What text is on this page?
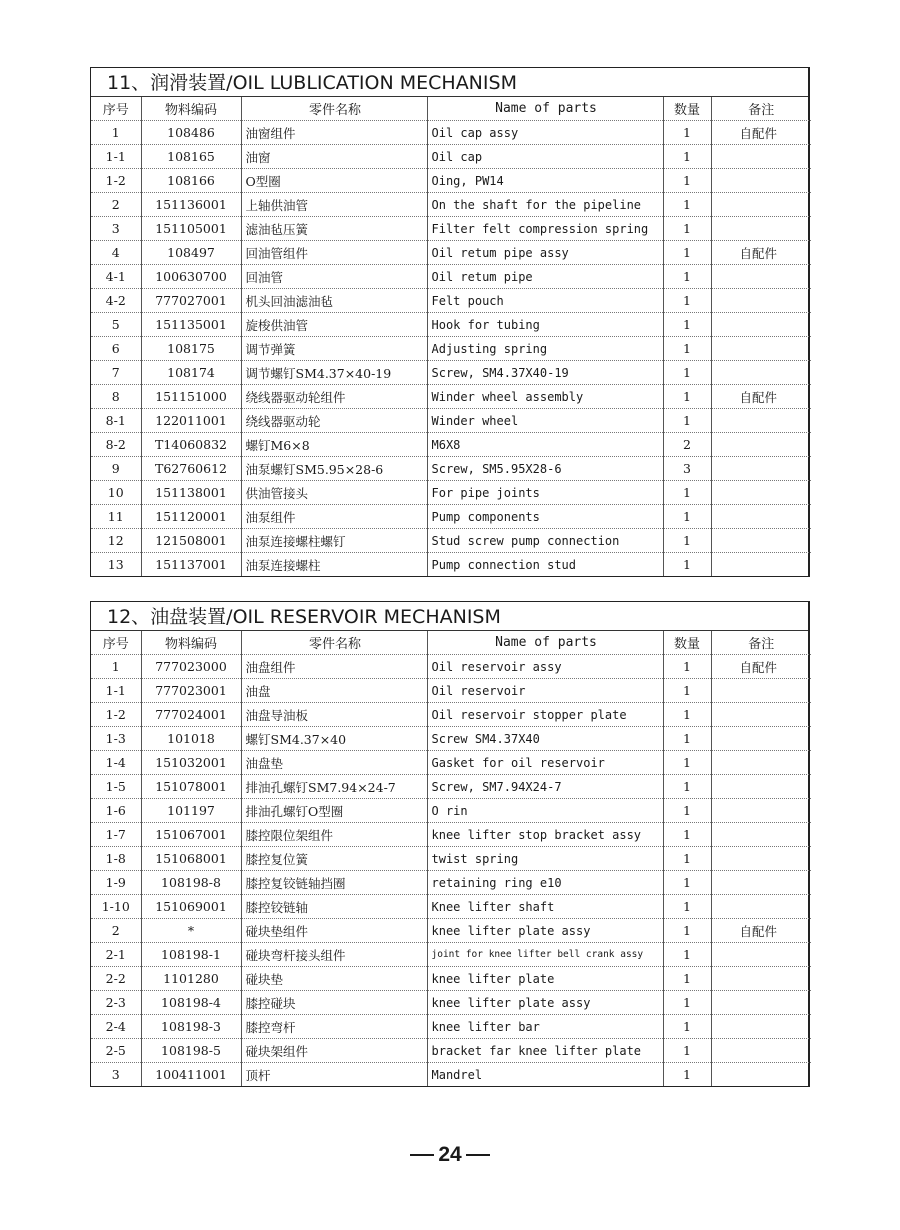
11、润滑装置/OIL LUBLICATION MECHANISM
序号	物料编码	零件名称	Name of parts	数量	备注
1	108486	油窗组件	Oil cap assy	1	自配件
1-1	108165	油窗	Oil cap	1	
1-2	108166	O型圈	Oing, PW14	1	
2	151136001	上轴供油管	On the shaft for the pipeline	1	
3	151105001	滤油毡压簧	Filter felt compression spring	1	
4	108497	回油管组件	Oil retum pipe assy	1	自配件
4-1	100630700	回油管	Oil retum pipe	1	
4-2	777027001	机头回油滤油毡	Felt pouch	1	
5	151135001	旋梭供油管	Hook for tubing	1	
6	108175	调节弹簧	Adjusting spring	1	
7	108174	调节螺钉SM4.37×40-19	Screw, SM4.37X40-19	1	
8	151151000	绕线器驱动轮组件	Winder wheel assembly	1	自配件
8-1	122011001	绕线器驱动轮	Winder wheel	1	
8-2	T14060832	螺钉M6×8	M6X8	2	
9	T62760612	油泵螺钉SM5.95×28-6	Screw, SM5.95X28-6	3	
10	151138001	供油管接头	For pipe joints	1	
11	151120001	油泵组件	Pump components	1	
12	121508001	油泵连接螺柱螺钉	Stud screw pump connection	1	
13	151137001	油泵连接螺柱	Pump connection stud	1	
12、油盘装置/OIL RESERVOIR MECHANISM
序号	物料编码	零件名称	Name of parts	数量	备注
1	777023000	油盘组件	Oil reservoir assy	1	自配件
1-1	777023001	油盘	Oil reservoir	1	
1-2	777024001	油盘导油板	Oil reservoir stopper plate	1	
1-3	101018	螺钉SM4.37×40	Screw SM4.37X40	1	
1-4	151032001	油盘垫	Gasket for oil reservoir	1	
1-5	151078001	排油孔螺钉SM7.94×24-7	Screw, SM7.94X24-7	1	
1-6	101197	排油孔螺钉O型圈	O rin	1	
1-7	151067001	膝控限位架组件	knee lifter stop bracket assy	1	
1-8	151068001	膝控复位簧	twist spring	1	
1-9	108198-8	膝控复铰链轴挡圈	retaining ring e10	1	
1-10	151069001	膝控铰链轴	Knee lifter shaft	1	
2	*	碰块垫组件	knee lifter plate assy	1	自配件
2-1	108198-1	碰块弯杆接头组件	joint for knee lifter bell crank assy	1	
2-2	1101280	碰块垫	knee lifter plate	1	
2-3	108198-4	膝控碰块	knee lifter plate assy	1	
2-4	108198-3	膝控弯杆	knee lifter bar	1	
2-5	108198-5	碰块架组件	bracket far knee lifter plate	1	
3	100411001	顶杆	Mandrel	1	
24
